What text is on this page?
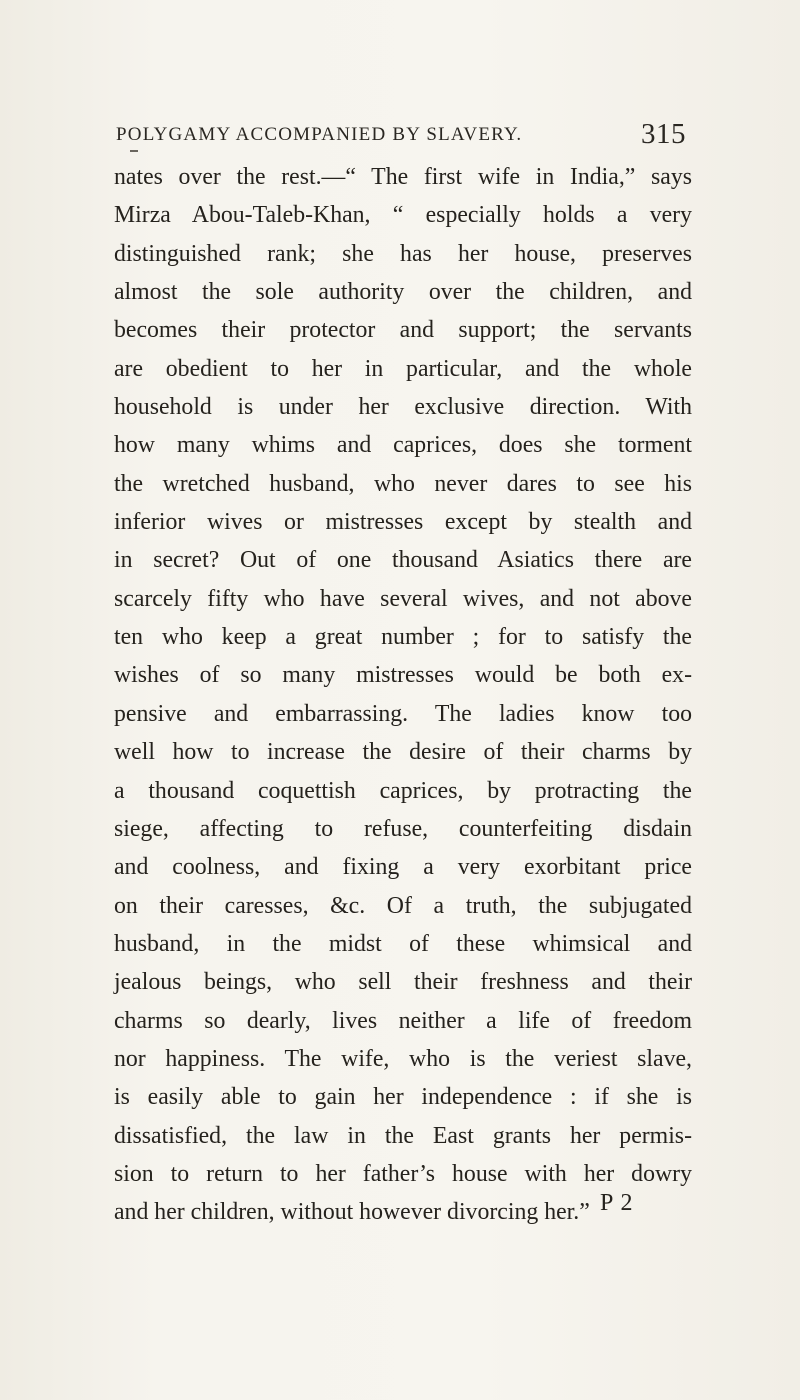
POLYGAMY ACCOMPANIED BY SLAVERY.	315
nates over the rest.—“ The first wife in India,” says
Mirza Abou-Taleb-Khan, “ especially holds a very
distinguished rank; she has her house, preserves
almost the sole authority over the children, and
becomes their protector and support; the servants
are obedient to her in particular, and the whole
household is under her exclusive direction. With
how many whims and caprices, does she torment
the wretched husband, who never dares to see his
inferior wives or mistresses except by stealth and
in secret? Out of one thousand Asiatics there are
scarcely fifty who have several wives, and not above
ten who keep a great number ; for to satisfy the
wishes of so many mistresses would be both ex-
pensive and embarrassing. The ladies know too
well how to increase the desire of their charms by
a thousand coquettish caprices, by protracting the
siege, affecting to refuse, counterfeiting disdain
and coolness, and fixing a very exorbitant price
on their caresses, &c. Of a truth, the subjugated
husband, in the midst of these whimsical and
jealous beings, who sell their freshness and their
charms so dearly, lives neither a life of freedom
nor happiness. The wife, who is the veriest slave,
is easily able to gain her independence : if she is
dissatisfied, the law in the East grants her permis-
sion to return to her father’s house with her dowry
and her children, without however divorcing her.” P 2
